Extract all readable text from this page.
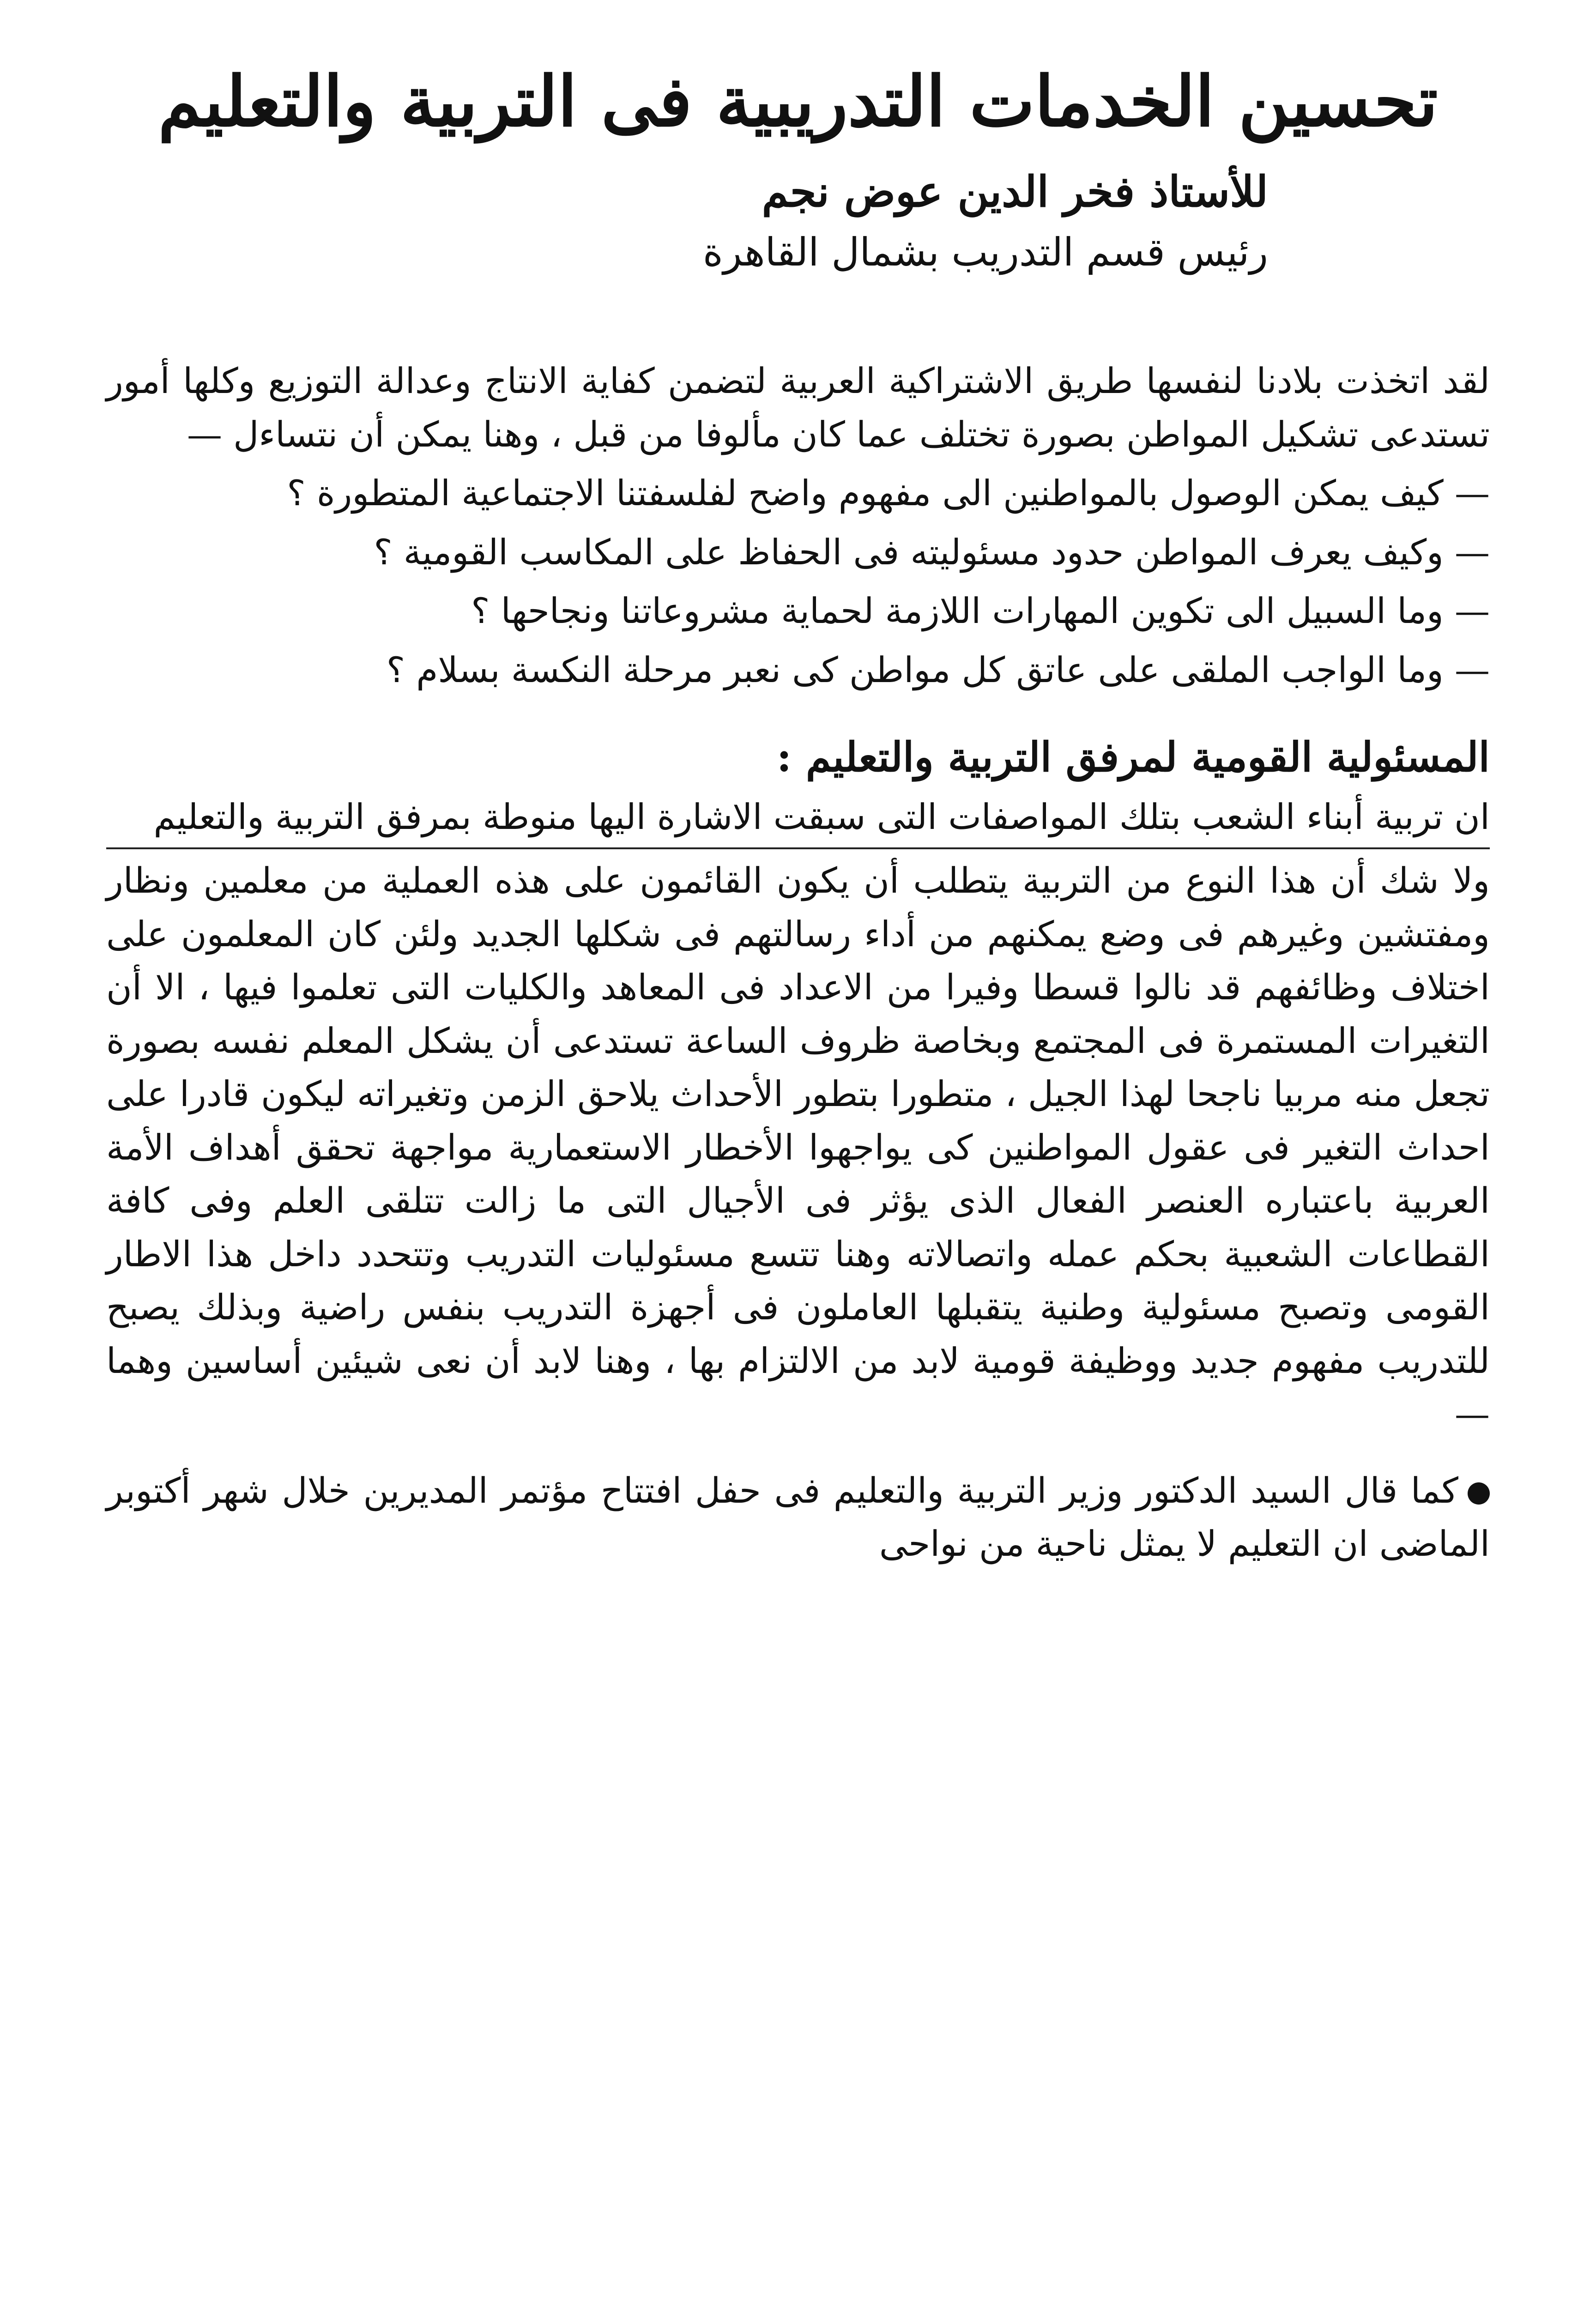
تحسين الخدمات التدريبية فى التربية والتعليم
للأستاذ فخر الدين عوض نجم
رئيس قسم التدريب بشمال القاهرة

لقد اتخذت بلادنا لنفسها طريق الاشتراكية العربية لتضمن كفاية الانتاج وعدالة التوزيع وكلها أمور تستدعى تشكيل المواطن بصورة تختلف عما كان مألوفا من قبل ، وهنا يمكن أن نتساءل —

— كيف يمكن الوصول بالمواطنين الى مفهوم واضح لفلسفتنا الاجتماعية المتطورة ؟

— وكيف يعرف المواطن حدود مسئوليته فى الحفاظ على المكاسب القومية ؟

— وما السبيل الى تكوين المهارات اللازمة لحماية مشروعاتنا ونجاحها ؟

— وما الواجب الملقى على عاتق كل مواطن كى نعبر مرحلة النكسة بسلام ؟

المسئولية القومية لمرفق التربية والتعليم :

ان تربية أبناء الشعب بتلك المواصفات التى سبقت الاشارة اليها منوطة بمرفق التربية والتعليم

ولا شك أن هذا النوع من التربية يتطلب أن يكون القائمون على هذه العملية من معلمين ونظار ومفتشين وغيرهم فى وضع يمكنهم من أداء رسالتهم فى شكلها الجديد ولئن كان المعلمون على اختلاف وظائفهم قد نالوا قسطا وفيرا من الاعداد فى المعاهد والكليات التى تعلموا فيها ، الا أن التغيرات المستمرة فى المجتمع وبخاصة ظروف الساعة تستدعى أن يشكل المعلم نفسه بصورة تجعل منه مربيا ناجحا لهذا الجيل ، متطورا بتطور الأحداث يلاحق الزمن وتغيراته ليكون قادرا على احداث التغير فى عقول المواطنين كى يواجهوا الأخطار الاستعمارية مواجهة تحقق أهداف الأمة العربية باعتباره العنصر الفعال الذى يؤثر فى الأجيال التى ما زالت تتلقى العلم وفى كافة القطاعات الشعبية بحكم عمله واتصالاته وهنا تتسع مسئوليات التدريب وتتحدد داخل هذا الاطار القومى وتصبح مسئولية وطنية يتقبلها العاملون فى أجهزة التدريب بنفس راضية وبذلك يصبح للتدريب مفهوم جديد ووظيفة قومية لابد من الالتزام بها ، وهنا لابد أن نعى شيئين أساسين وهما —

كما قال السيد الدكتور وزير التربية والتعليم فى حفل افتتاح مؤتمر المديرين خلال شهر أكتوبر الماضى ان التعليم لا يمثل ناحية من نواحى
